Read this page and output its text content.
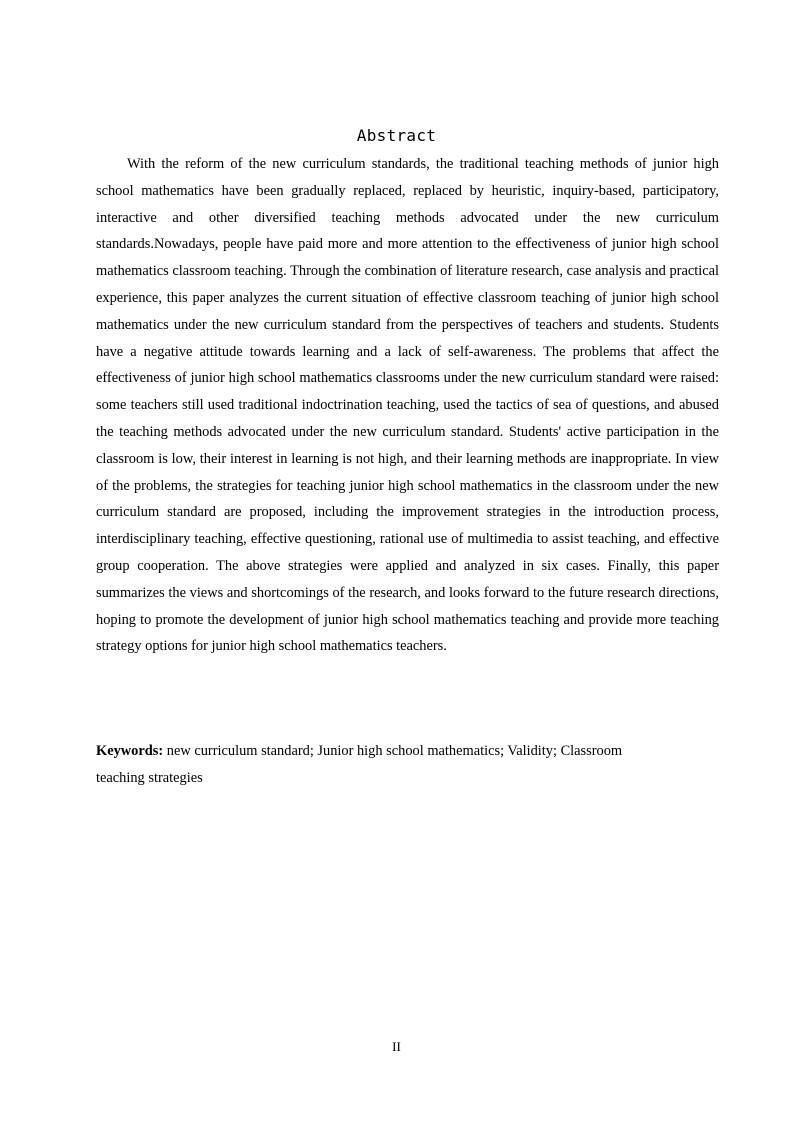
Abstract

With the reform of the new curriculum standards, the traditional teaching methods of junior high school mathematics have been gradually replaced, replaced by heuristic, inquiry-based, participatory, interactive and other diversified teaching methods advocated under the new curriculum standards.Nowadays, people have paid more and more attention to the effectiveness of junior high school mathematics classroom teaching. Through the combination of literature research, case analysis and practical experience, this paper analyzes the current situation of effective classroom teaching of junior high school mathematics under the new curriculum standard from the perspectives of teachers and students. Students have a negative attitude towards learning and a lack of self-awareness. The problems that affect the effectiveness of junior high school mathematics classrooms under the new curriculum standard were raised: some teachers still used traditional indoctrination teaching, used the tactics of sea of questions, and abused the teaching methods advocated under the new curriculum standard. Students' active participation in the classroom is low, their interest in learning is not high, and their learning methods are inappropriate. In view of the problems, the strategies for teaching junior high school mathematics in the classroom under the new curriculum standard are proposed, including the improvement strategies in the introduction process, interdisciplinary teaching, effective questioning, rational use of multimedia to assist teaching, and effective group cooperation. The above strategies were applied and analyzed in six cases. Finally, this paper summarizes the views and shortcomings of the research, and looks forward to the future research directions, hoping to promote the development of junior high school mathematics teaching and provide more teaching strategy options for junior high school mathematics teachers.

Keywords: new curriculum standard; Junior high school mathematics; Validity; Classroom
teaching strategies

II
